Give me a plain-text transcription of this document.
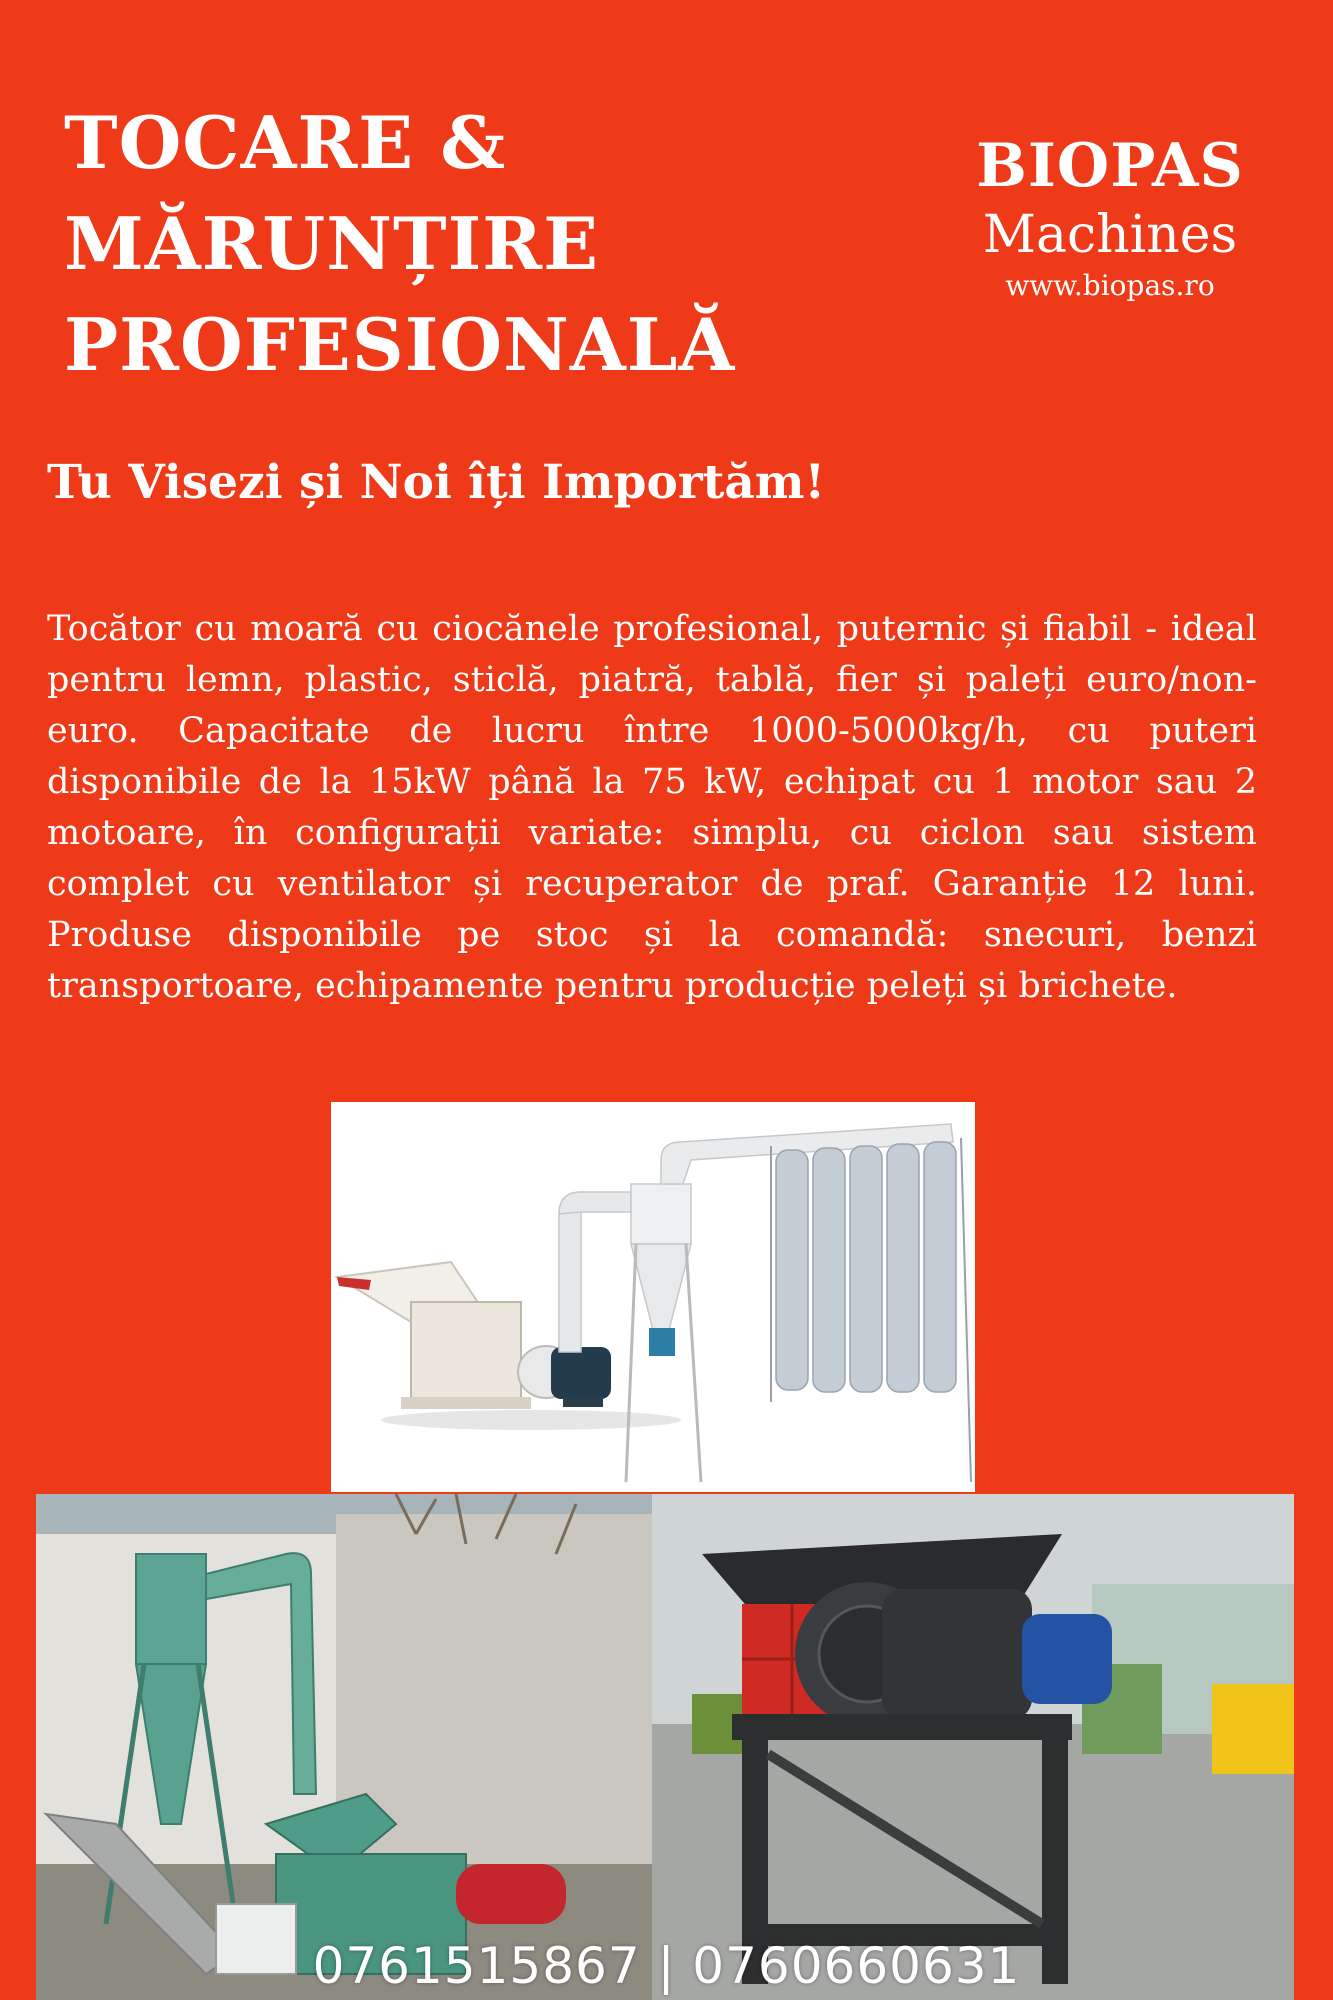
TOCARE &
MĂRUNȚIRE
PROFESIONALĂ
BIOPAS
Machines
www.biopas.ro
Tu Visezi și Noi îți Importăm!

Tocător cu moară cu ciocănele profesional, puternic și fiabil - ideal pentru lemn, plastic, sticlă, piatră, tablă, fier și paleți euro/non-euro. Capacitate de lucru între 1000-5000kg/h, cu puteri disponibile de la 15kW până la 75 kW, echipat cu 1 motor sau 2 motoare, în configurații variate: simplu, cu ciclon sau sistem complet cu ventilator și recuperator de praf. Garanție 12 luni. Produse disponibile pe stoc și la comandă: snecuri, benzi transportoare, echipamente pentru producție peleți și brichete.

0761515867 | 0760660631
